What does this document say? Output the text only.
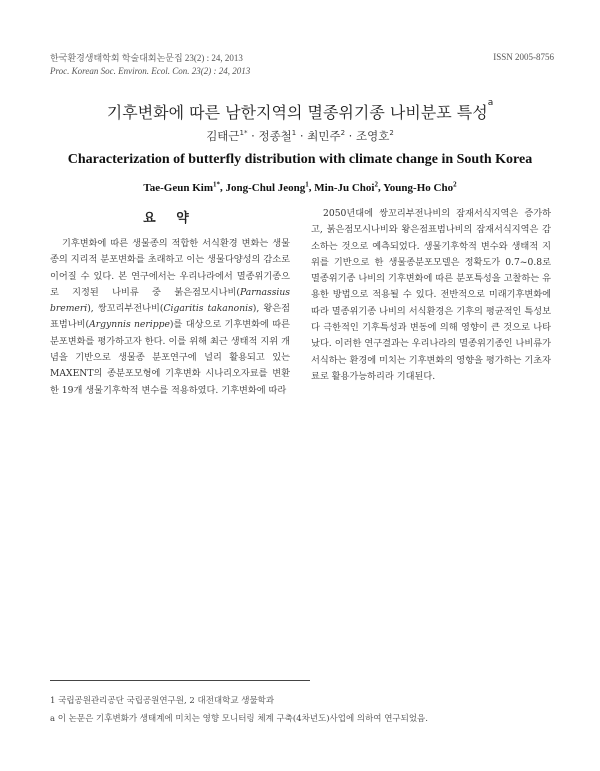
한국환경생태학회 학술대회논문집 23(2) : 24, 2013
Proc. Korean Soc. Environ. Ecol. Con. 23(2) : 24, 2013
ISSN 2005-8756
기후변화에 따른 남한지역의 멸종위기종 나비분포 특성$^a$
김태근$^{1*}$ · 정종철$^1$ · 최민주$^2$ · 조영호$^2$
Characterization of butterfly distribution with climate change in South Korea
Tae-Geun Kim$^{1*}$, Jong-Chul Jeong$^1$, Min-Ju Choi$^2$, Young-Ho Cho$^2$
요 약
기후변화에 따른 생물종의 적합한 서식환경 변화는 생물종의 지리적 분포변화를 초래하고 이는 생물다양성의 감소로 이어질 수 있다. 본 연구에서는 우리나라에서 멸종위기종으로 지정된 나비류 중 붉은점모시나비(Parnassius bremeri), 쌍꼬리부전나비(Cigaritis takanonis), 왕은점표범나비(Argynnis nerippe)를 대상으로 기후변화에 따른 분포변화를 평가하고자 한다. 이를 위해 최근 생태적 지위 개념을 기반으로 생물종 분포연구에 널리 활용되고 있는 MAXENT의 종분포모형에 기후변화 시나리오자료를 변환한 19개 생물기후학적 변수를 적용하였다. 기후변화에 따라
2050년대에 쌍꼬리부전나비의 잠재서식지역은 증가하고, 붉은점모시나비와 왕은점표범나비의 잠재서식지역은 감소하는 것으로 예측되었다. 생물기후학적 변수와 생태적 지위를 기반으로 한 생물종분포모델은 정확도가 0.7~0.8로 멸종위기종 나비의 기후변화에 따른 분포특성을 고찰하는 유용한 방법으로 적용될 수 있다. 전반적으로 미래기후변화에 따라 멸종위기종 나비의 서식환경은 기후의 평균적인 특성보다 극한적인 기후특성과 변동에 의해 영향이 큰 것으로 나타났다. 이러한 연구결과는 우리나라의 멸종위기종인 나비류가 서식하는 환경에 미치는 기후변화의 영향을 평가하는 기초자료로 활용가능하리라 기대된다.
1 국립공원관리공단 국립공원연구원, 2 대전대학교 생물학과
a 이 논문은 기후변화가 생태계에 미치는 영향 모니터링 체계 구축(4차년도)사업에 의하여 연구되었음.
